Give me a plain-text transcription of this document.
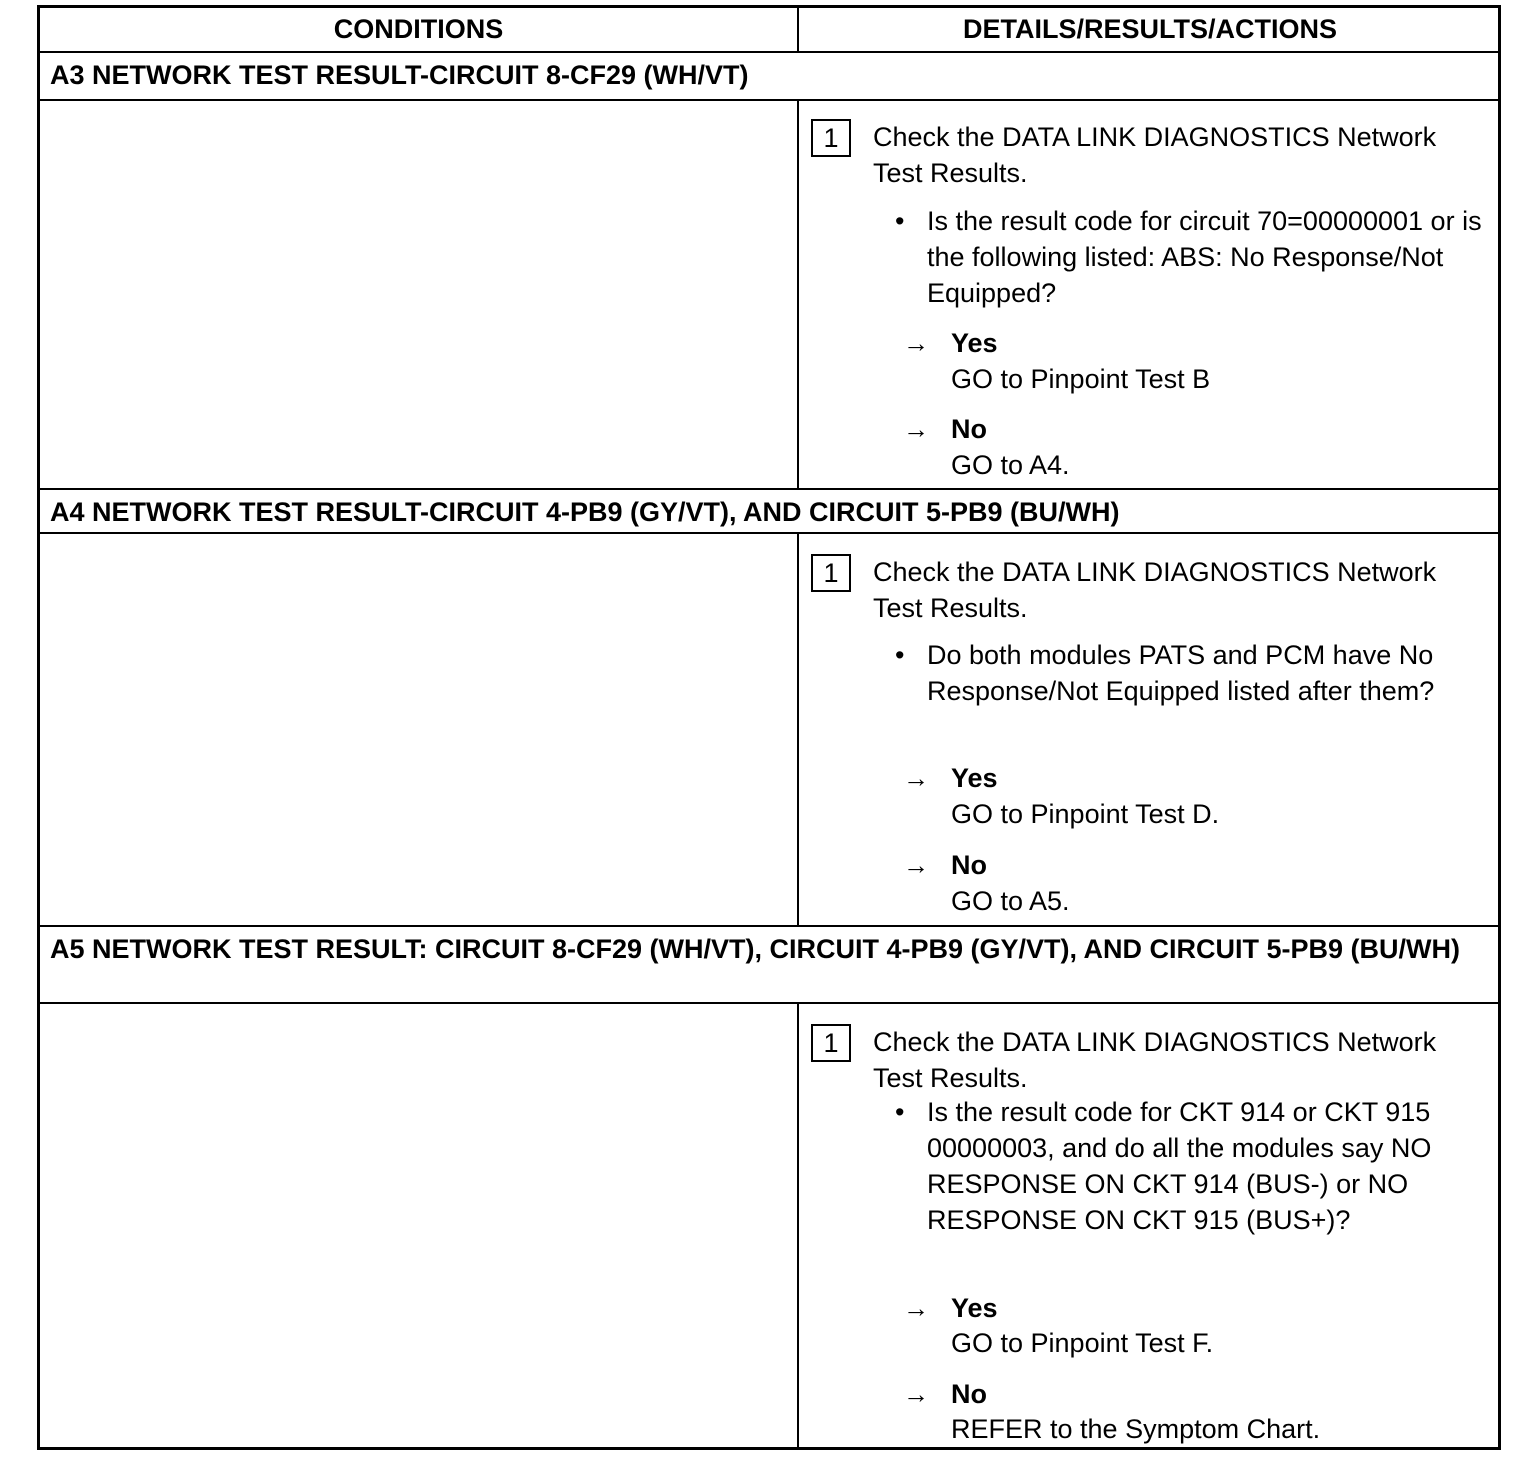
CONDITIONS	DETAILS/RESULTS/ACTIONS
A3 NETWORK TEST RESULT-CIRCUIT 8-CF29 (WH/VT)
1	Check the DATA LINK DIAGNOSTICS Network Test Results.
• Is the result code for circuit 70=00000001 or is the following listed: ABS: No Response/Not Equipped?
→ Yes
GO to Pinpoint Test B
→ No
GO to A4.
A4 NETWORK TEST RESULT-CIRCUIT 4-PB9 (GY/VT), AND CIRCUIT 5-PB9 (BU/WH)
1	Check the DATA LINK DIAGNOSTICS Network Test Results.
• Do both modules PATS and PCM have No Response/Not Equipped listed after them?
→ Yes
GO to Pinpoint Test D.
→ No
GO to A5.
A5 NETWORK TEST RESULT: CIRCUIT 8-CF29 (WH/VT), CIRCUIT 4-PB9 (GY/VT), AND CIRCUIT 5-PB9 (BU/WH)
1	Check the DATA LINK DIAGNOSTICS Network Test Results.
• Is the result code for CKT 914 or CKT 915 00000003, and do all the modules say NO RESPONSE ON CKT 914 (BUS-) or NO RESPONSE ON CKT 915 (BUS+)?
→ Yes
GO to Pinpoint Test F.
→ No
REFER to the Symptom Chart.
